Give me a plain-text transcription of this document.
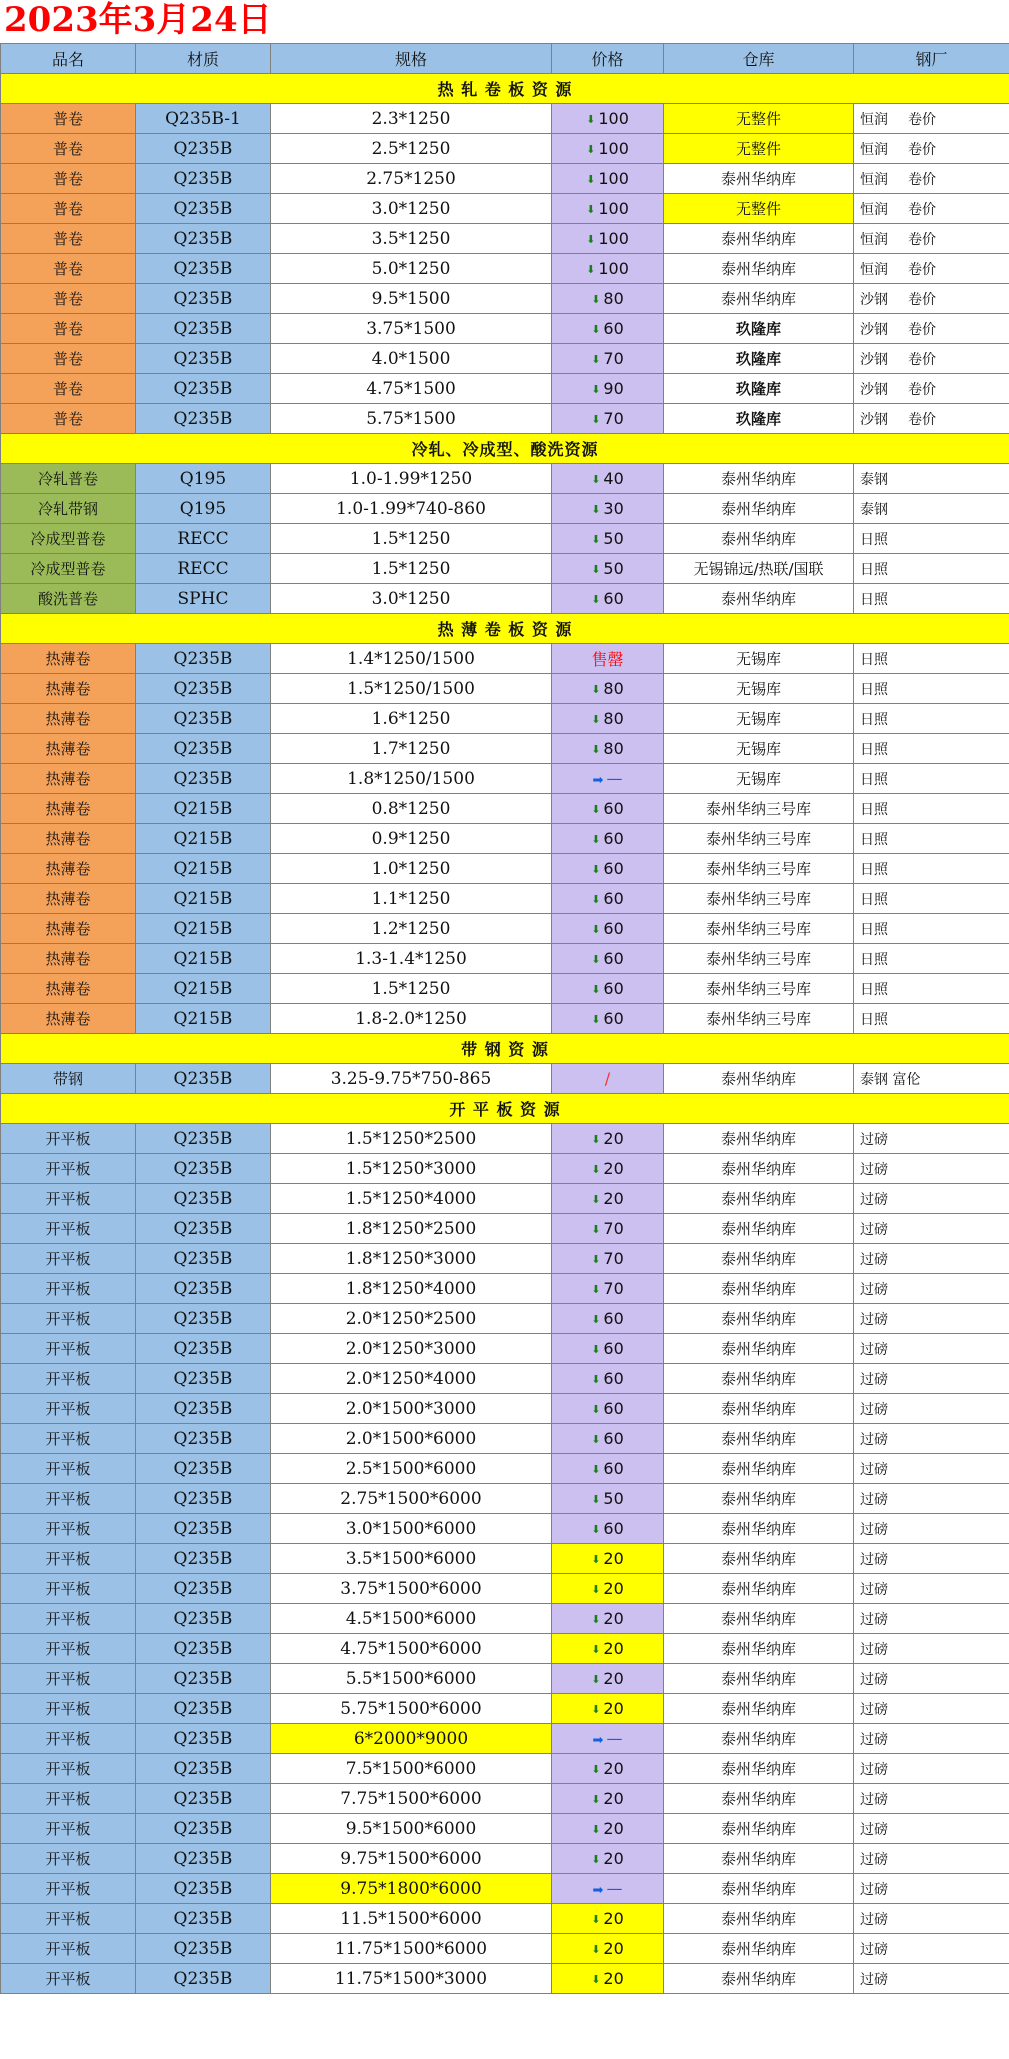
2023年3月24日
品名	材质	规格	价格	仓库	钢厂
热 轧 卷 板 资 源					
普卷	Q235B-1	2.3*1250	⬇ 100	无整件	恒润 卷价
普卷	Q235B	2.5*1250	⬇ 100	无整件	恒润 卷价
普卷	Q235B	2.75*1250	⬇ 100	泰州华纳库	恒润 卷价
普卷	Q235B	3.0*1250	⬇ 100	无整件	恒润 卷价
普卷	Q235B	3.5*1250	⬇ 100	泰州华纳库	恒润 卷价
普卷	Q235B	5.0*1250	⬇ 100	泰州华纳库	恒润 卷价
普卷	Q235B	9.5*1500	⬇ 80	泰州华纳库	沙钢 卷价
普卷	Q235B	3.75*1500	⬇ 60	玖隆库	沙钢 卷价
普卷	Q235B	4.0*1500	⬇ 70	玖隆库	沙钢 卷价
普卷	Q235B	4.75*1500	⬇ 90	玖隆库	沙钢 卷价
普卷	Q235B	5.75*1500	⬇ 70	玖隆库	沙钢 卷价
冷轧、冷成型、酸洗资源					
冷轧普卷	Q195	1.0-1.99*1250	⬇ 40	泰州华纳库	泰钢
冷轧带钢	Q195	1.0-1.99*740-860	⬇ 30	泰州华纳库	泰钢
冷成型普卷	RECC	1.5*1250	⬇ 50	泰州华纳库	日照
冷成型普卷	RECC	1.5*1250	⬇ 50	无锡锦远/热联/国联	日照
酸洗普卷	SPHC	3.0*1250	⬇ 60	泰州华纳库	日照
热 薄 卷 板 资 源					
热薄卷	Q235B	1.4*1250/1500	售罄	无锡库	日照
热薄卷	Q235B	1.5*1250/1500	⬇ 80	无锡库	日照
热薄卷	Q235B	1.6*1250	⬇ 80	无锡库	日照
热薄卷	Q235B	1.7*1250	⬇ 80	无锡库	日照
热薄卷	Q235B	1.8*1250/1500	➡ —	无锡库	日照
热薄卷	Q215B	0.8*1250	⬇ 60	泰州华纳三号库	日照
热薄卷	Q215B	0.9*1250	⬇ 60	泰州华纳三号库	日照
热薄卷	Q215B	1.0*1250	⬇ 60	泰州华纳三号库	日照
热薄卷	Q215B	1.1*1250	⬇ 60	泰州华纳三号库	日照
热薄卷	Q215B	1.2*1250	⬇ 60	泰州华纳三号库	日照
热薄卷	Q215B	1.3-1.4*1250	⬇ 60	泰州华纳三号库	日照
热薄卷	Q215B	1.5*1250	⬇ 60	泰州华纳三号库	日照
热薄卷	Q215B	1.8-2.0*1250	⬇ 60	泰州华纳三号库	日照
带 钢 资 源					
带钢	Q235B	3.25-9.75*750-865	/	泰州华纳库	泰钢 富伦
开 平 板 资 源					
开平板	Q235B	1.5*1250*2500	⬇ 20	泰州华纳库	过磅
开平板	Q235B	1.5*1250*3000	⬇ 20	泰州华纳库	过磅
开平板	Q235B	1.5*1250*4000	⬇ 20	泰州华纳库	过磅
开平板	Q235B	1.8*1250*2500	⬇ 70	泰州华纳库	过磅
开平板	Q235B	1.8*1250*3000	⬇ 70	泰州华纳库	过磅
开平板	Q235B	1.8*1250*4000	⬇ 70	泰州华纳库	过磅
开平板	Q235B	2.0*1250*2500	⬇ 60	泰州华纳库	过磅
开平板	Q235B	2.0*1250*3000	⬇ 60	泰州华纳库	过磅
开平板	Q235B	2.0*1250*4000	⬇ 60	泰州华纳库	过磅
开平板	Q235B	2.0*1500*3000	⬇ 60	泰州华纳库	过磅
开平板	Q235B	2.0*1500*6000	⬇ 60	泰州华纳库	过磅
开平板	Q235B	2.5*1500*6000	⬇ 60	泰州华纳库	过磅
开平板	Q235B	2.75*1500*6000	⬇ 50	泰州华纳库	过磅
开平板	Q235B	3.0*1500*6000	⬇ 60	泰州华纳库	过磅
开平板	Q235B	3.5*1500*6000	⬇ 20	泰州华纳库	过磅
开平板	Q235B	3.75*1500*6000	⬇ 20	泰州华纳库	过磅
开平板	Q235B	4.5*1500*6000	⬇ 20	泰州华纳库	过磅
开平板	Q235B	4.75*1500*6000	⬇ 20	泰州华纳库	过磅
开平板	Q235B	5.5*1500*6000	⬇ 20	泰州华纳库	过磅
开平板	Q235B	5.75*1500*6000	⬇ 20	泰州华纳库	过磅
开平板	Q235B	6*2000*9000	➡ —	泰州华纳库	过磅
开平板	Q235B	7.5*1500*6000	⬇ 20	泰州华纳库	过磅
开平板	Q235B	7.75*1500*6000	⬇ 20	泰州华纳库	过磅
开平板	Q235B	9.5*1500*6000	⬇ 20	泰州华纳库	过磅
开平板	Q235B	9.75*1500*6000	⬇ 20	泰州华纳库	过磅
开平板	Q235B	9.75*1800*6000	➡ —	泰州华纳库	过磅
开平板	Q235B	11.5*1500*6000	⬇ 20	泰州华纳库	过磅
开平板	Q235B	11.75*1500*6000	⬇ 20	泰州华纳库	过磅
开平板	Q235B	11.75*1500*3000	⬇ 20	泰州华纳库	过磅
